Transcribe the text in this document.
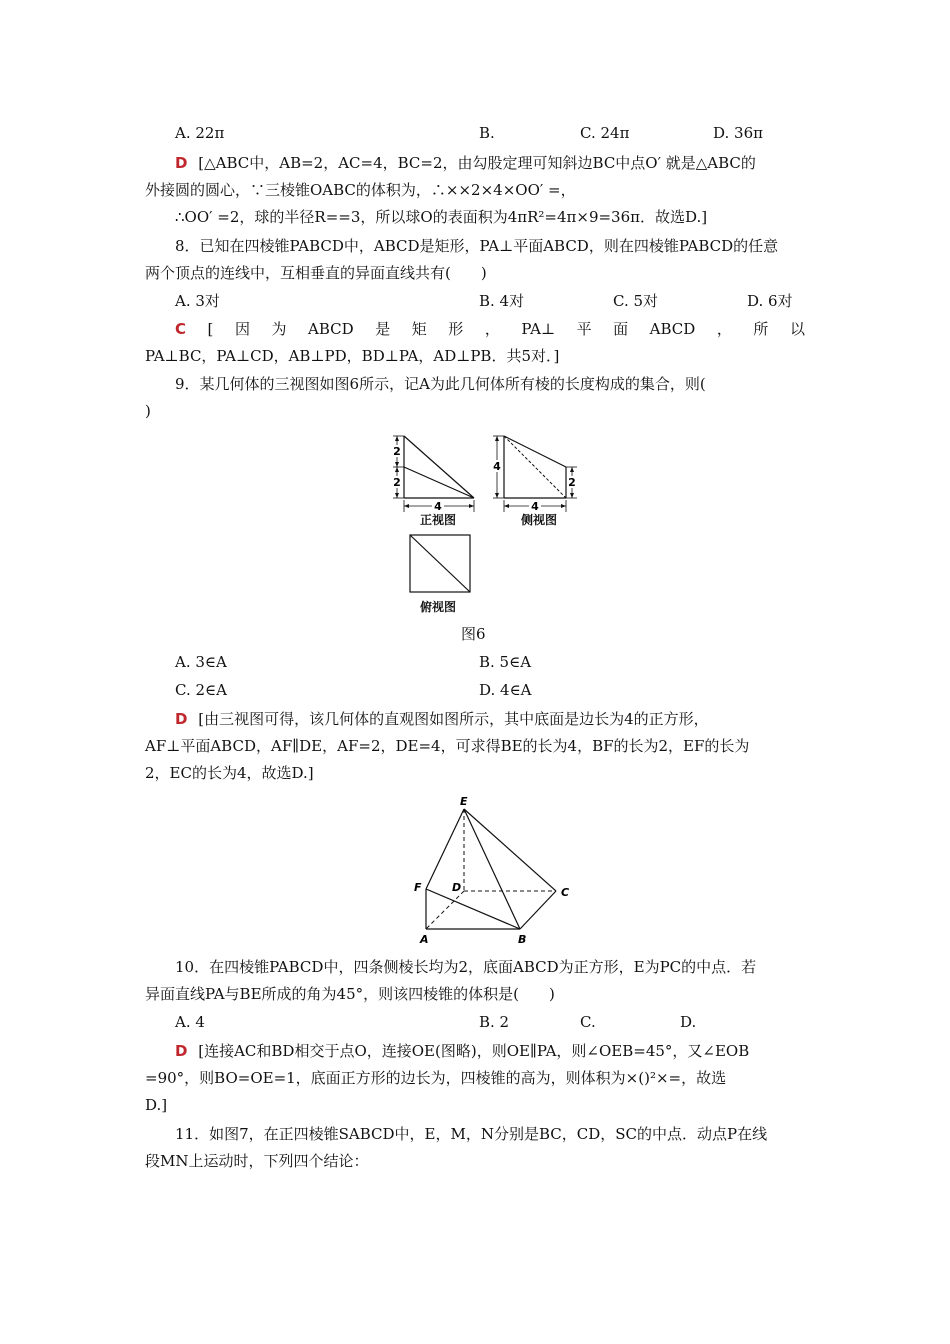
A. 22π	B.	C. 24π	D. 36π
D [△ABC中，AB=2，AC=4，BC=2，由勾股定理可知斜边BC中点O′ 就是△ABC的
外接圆的圆心，∵三棱锥OABC的体积为，∴××2×4×OO′ =，
∴OO′ =2，球的半径R==3，所以球O的表面积为4πR²=4π×9=36π．故选D.]
8．已知在四棱锥PABCD中，ABCD是矩形，PA⊥平面ABCD，则在四棱锥PABCD的任意
两个顶点的连线中，互相垂直的异面直线共有(　　)
A. 3对	B. 4对	C. 5对	D. 6对
C [ 因 为 ABCD 是 矩 形 ， PA⊥ 平 面 ABCD ， 所 以
PA⊥BC，PA⊥CD，AB⊥PD，BD⊥PA，AD⊥PB．共5对．]
9．某几何体的三视图如图6所示，记A为此几何体所有棱的长度构成的集合，则(
)
2
2
4
正视图
4
2
4
侧视图
俯视图
图6
A. 3∈A	B. 5∈A
C. 2∈A	D. 4∈A
D [由三视图可得，该几何体的直观图如图所示，其中底面是边长为4的正方形，
AF⊥平面ABCD，AF∥DE，AF=2，DE=4，可求得BE的长为4，BF的长为2，EF的长为
2，EC的长为4，故选D.]
E
F	D	C
A	B
10．在四棱锥PABCD中，四条侧棱长均为2，底面ABCD为正方形，E为PC的中点．若
异面直线PA与BE所成的角为45°，则该四棱锥的体积是(　　)
A. 4	B. 2	C.	D.
D [连接AC和BD相交于点O，连接OE(图略)，则OE∥PA，则∠OEB=45°，又∠EOB
=90°，则BO=OE=1，底面正方形的边长为，四棱锥的高为，则体积为×()²×=，故选
D.]
11．如图7，在正四棱锥SABCD中，E，M，N分别是BC，CD，SC的中点．动点P在线
段MN上运动时，下列四个结论：
